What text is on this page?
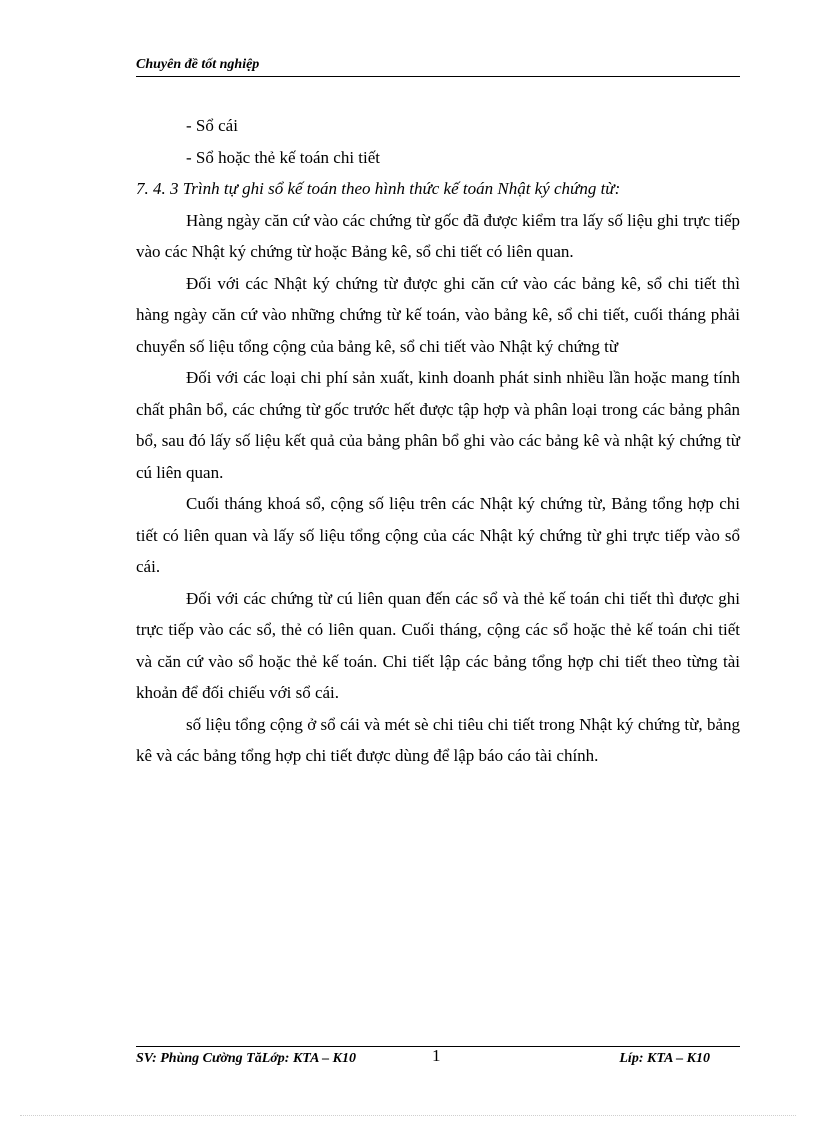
Chuyên đề tốt nghiệp
- Sổ cái
- Sổ hoặc thẻ kế toán chi tiết
7. 4. 3 Trình tự ghi sổ kế toán theo hình thức kế toán Nhật ký chứng từ:

Hàng ngày căn cứ vào các chứng từ gốc đã được kiểm tra lấy số liệu ghi trực tiếp vào các Nhật ký chứng từ hoặc Bảng kê, sổ chi tiết có liên quan.

Đối với các Nhật ký chứng từ được ghi căn cứ vào các bảng kê, sổ chi tiết thì hàng ngày căn cứ vào những chứng từ kế toán, vào bảng kê, sổ chi tiết, cuối tháng phải chuyển số liệu tổng cộng của bảng kê, sổ chi tiết vào Nhật ký chứng từ

Đối với các loại chi phí sản xuất, kinh doanh phát sinh nhiều lần hoặc mang tính chất phân bổ, các chứng từ gốc trước hết được tập hợp và phân loại trong các bảng phân bổ, sau đó lấy số liệu kết quả của bảng phân bổ ghi vào các bảng kê và nhật ký chứng từ cú liên quan.

Cuối tháng khoá sổ, cộng số liệu trên các Nhật ký chứng từ, Bảng tổng hợp chi tiết có liên quan và lấy số liệu tổng cộng của các Nhật ký chứng từ ghi trực tiếp vào sổ cái.

Đối với các chứng từ cú liên quan đến các sổ và thẻ kế toán chi tiết thì được ghi trực tiếp vào các sổ, thẻ có liên quan. Cuối tháng, cộng các sổ hoặc thẻ kế toán chi tiết và căn cứ vào sổ hoặc thẻ kế toán. Chi tiết lập các bảng tổng hợp chi tiết theo từng tài khoản để đối chiếu với sổ cái.

số liệu tổng cộng ở sổ cái và mét sè chi tiêu chi tiết trong Nhật ký chứng từ, bảng kê và các bảng tổng hợp chi tiết được dùng để lập báo cáo tài chính.

SV: Phùng Cường TăLớp: KTA – K10	1	Líp: KTA – K10
